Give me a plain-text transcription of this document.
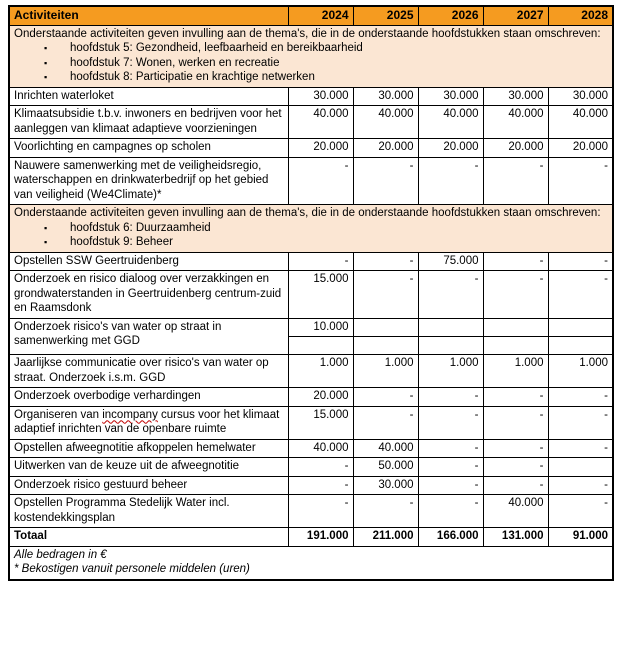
Activiteiten	2024	2025	2026	2027	2028

Onderstaande activiteiten geven invulling aan de thema's, die in de onderstaande hoofdstukken staan omschreven:
▪
hoofdstuk 5: Gezondheid, leefbaarheid en bereikbaarheid
▪
hoofdstuk 7: Wonen, werken en recreatie
▪
hoofdstuk 8: Participatie en krachtige netwerken

Inrichten waterloket	30.000	30.000	30.000	30.000	30.000
Klimaatsubsidie t.b.v. inwoners en bedrijven voor het aanleggen van klimaat adaptieve voorzieningen	40.000	40.000	40.000	40.000	40.000
Voorlichting en campagnes op scholen	20.000	20.000	20.000	20.000	20.000
Nauwere samenwerking met de veiligheidsregio, waterschappen en drinkwaterbedrijf op het gebied van veiligheid (We4Climate)*	-	-	-	-	-

Onderstaande activiteiten geven invulling aan de thema's, die in de onderstaande hoofdstukken staan omschreven:
▪
hoofdstuk 6: Duurzaamheid
▪
hoofdstuk 9: Beheer

Opstellen SSW Geertruidenberg	-	-	75.000	-	-
Onderzoek en risico dialoog over verzakkingen en grondwaterstanden in Geertruidenberg centrum-zuid en Raamsdonk	15.000	-	-	-	-
Onderzoek risico's van water op straat in samenwerking met GGD	10.000				

Jaarlijkse communicatie over risico's van water op straat. Onderzoek i.s.m. GGD	1.000	1.000	1.000	1.000	1.000
Onderzoek overbodige verhardingen	20.000	-	-	-	-
Organiseren van incompany cursus voor het klimaat adaptief inrichten van de openbare ruimte	15.000	-	-	-	-
Opstellen afweegnotitie afkoppelen hemelwater	40.000	40.000	-	-	-
Uitwerken van de keuze uit de afweegnotitie	-	50.000	-	-	
Onderzoek risico gestuurd beheer	-	30.000	-	-	-
Opstellen Programma Stedelijk Water incl. kostendekkingsplan	-	-	-	40.000	-
Totaal	191.000	211.000	166.000	131.000	91.000

Alle bedragen in €
* Bekostigen vanuit personele middelen (uren)					
